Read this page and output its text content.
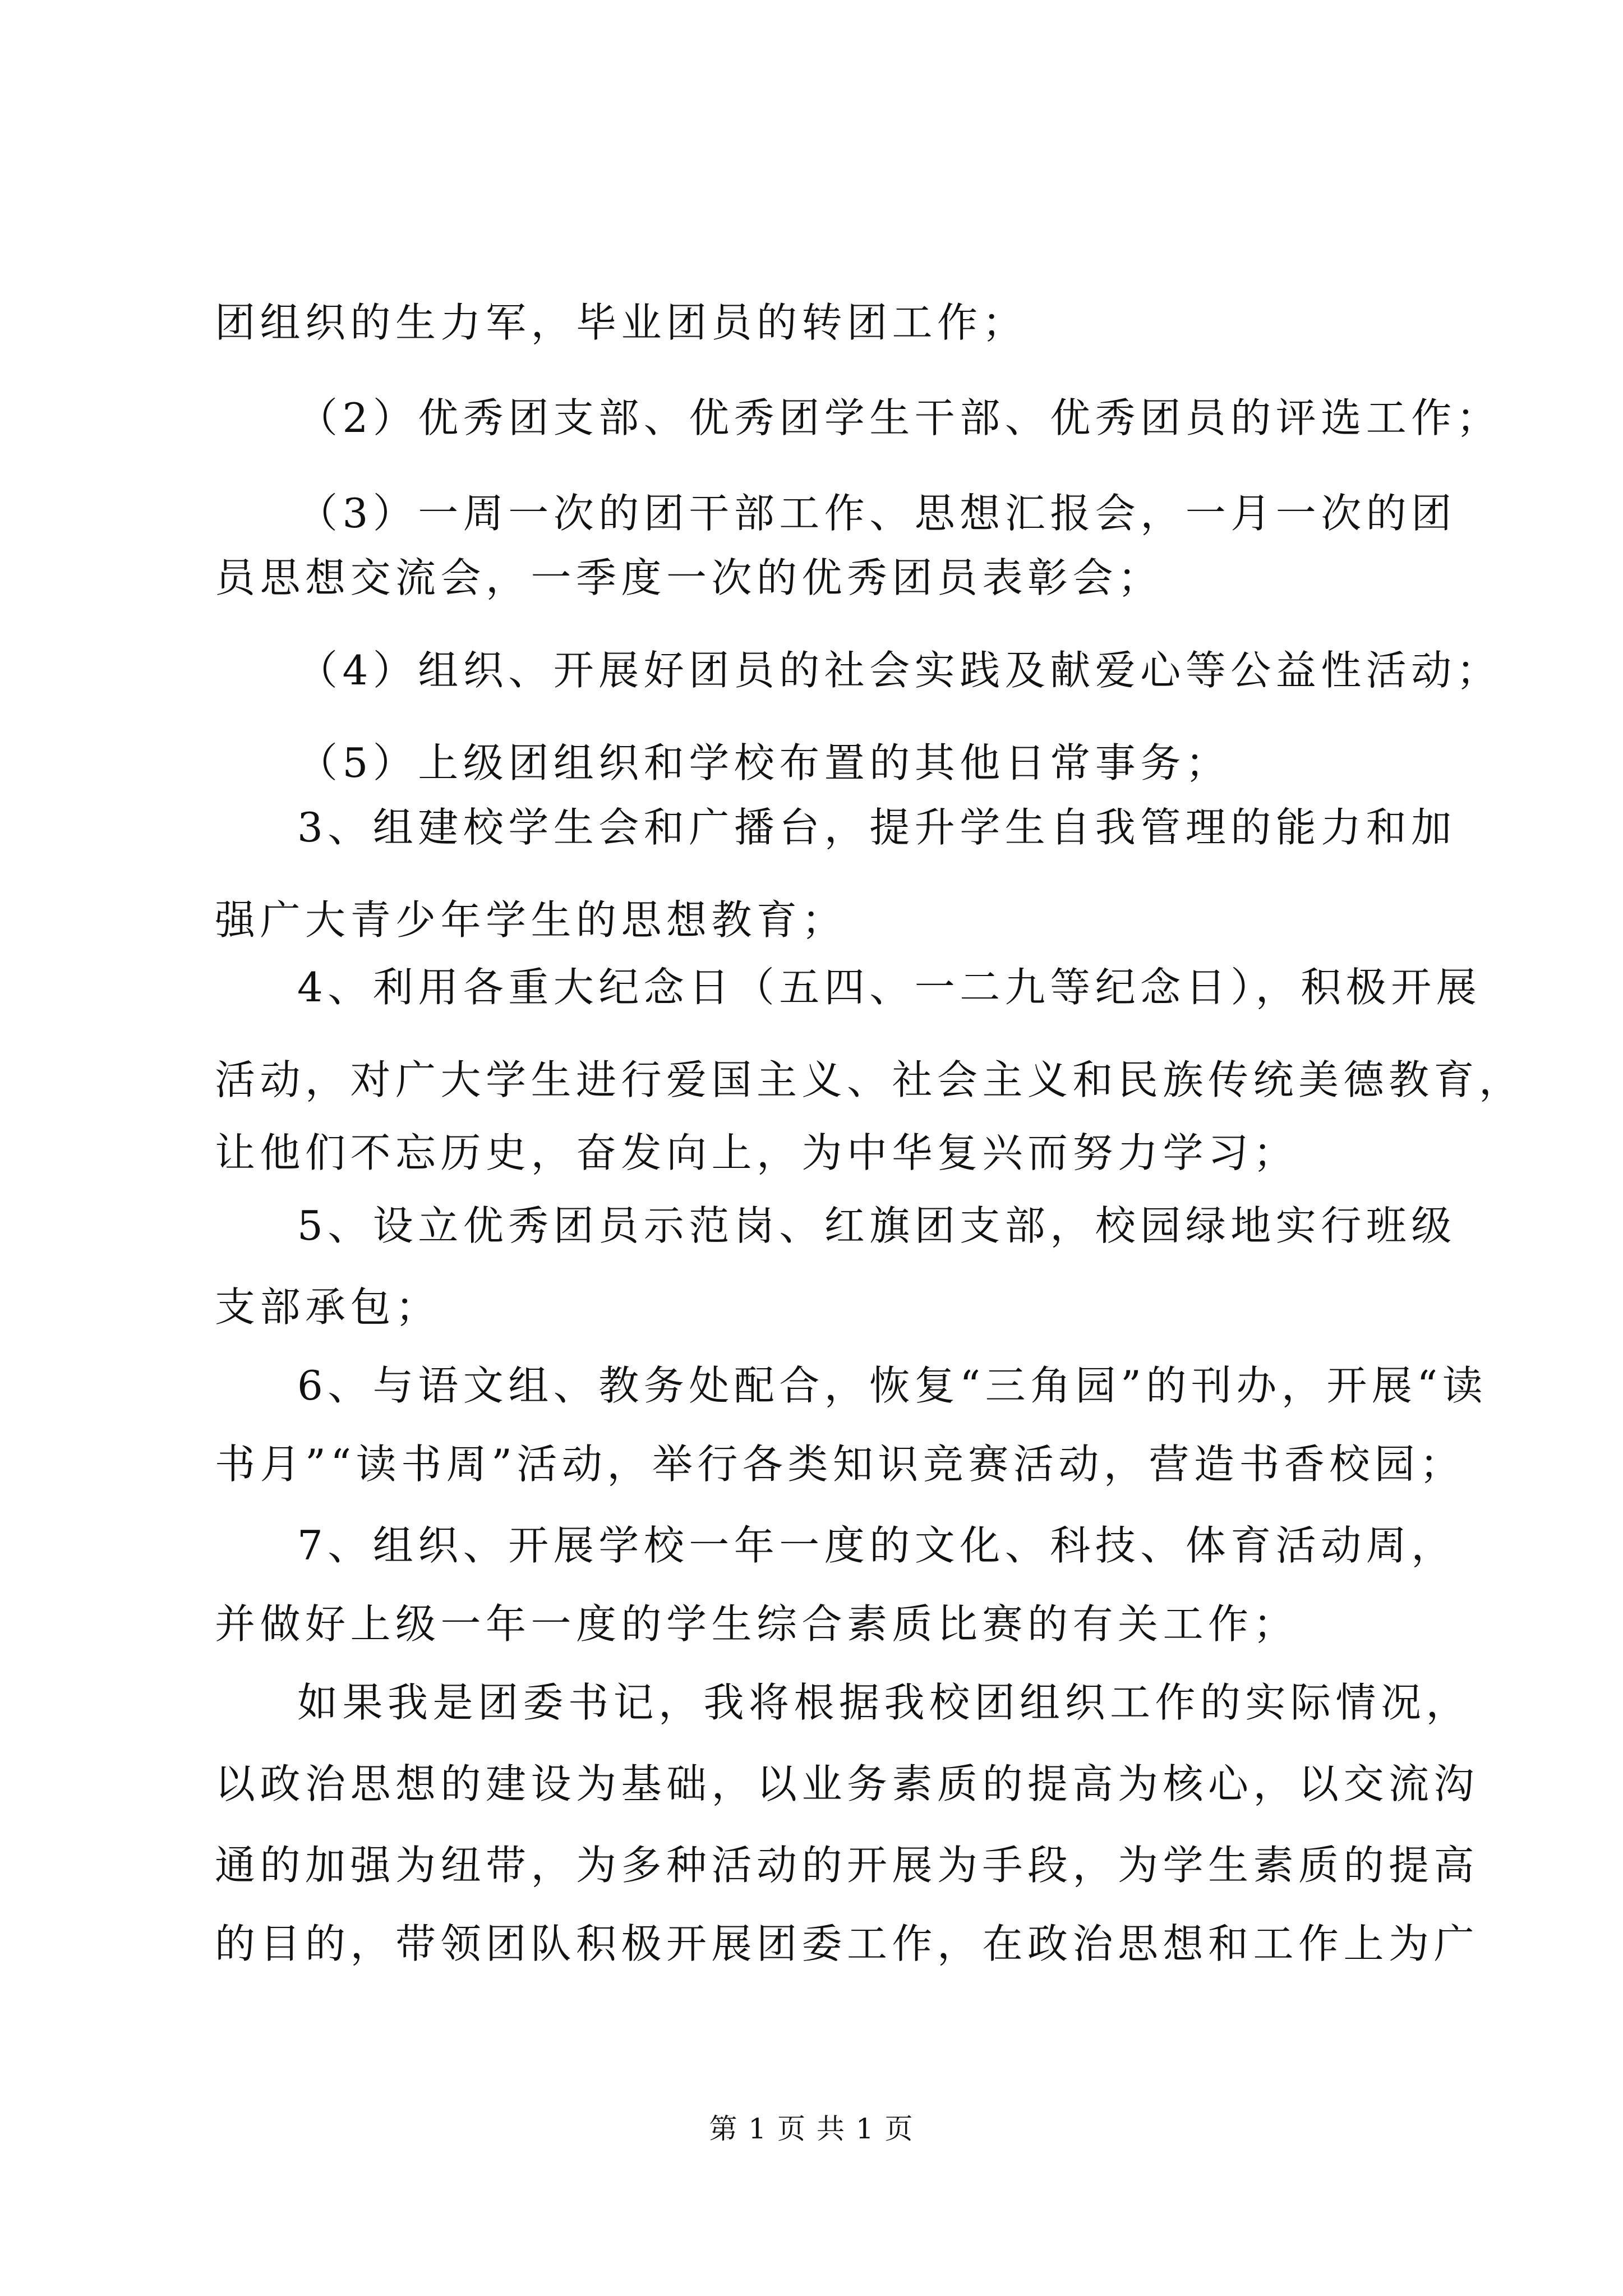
团组织的生力军，毕业团员的转团工作；
（2）优秀团支部、优秀团学生干部、优秀团员的评选工作；
（3）一周一次的团干部工作、思想汇报会，一月一次的团
员思想交流会，一季度一次的优秀团员表彰会；
（4）组织、开展好团员的社会实践及献爱心等公益性活动；
（5）上级团组织和学校布置的其他日常事务；
3、组建校学生会和广播台，提升学生自我管理的能力和加
强广大青少年学生的思想教育；
4、利用各重大纪念日（五四、一二九等纪念日），积极开展
活动，对广大学生进行爱国主义、社会主义和民族传统美德教育，
让他们不忘历史，奋发向上，为中华复兴而努力学习；
5、设立优秀团员示范岗、红旗团支部，校园绿地实行班级
支部承包；
6、与语文组、教务处配合，恢复“三角园”的刊办，开展“读
书月”“读书周”活动，举行各类知识竞赛活动，营造书香校园；
7、组织、开展学校一年一度的文化、科技、体育活动周，
并做好上级一年一度的学生综合素质比赛的有关工作；
如果我是团委书记，我将根据我校团组织工作的实际情况，
以政治思想的建设为基础，以业务素质的提高为核心，以交流沟
通的加强为纽带，为多种活动的开展为手段，为学生素质的提高
的目的，带领团队积极开展团委工作，在政治思想和工作上为广
第 1 页 共 1 页
